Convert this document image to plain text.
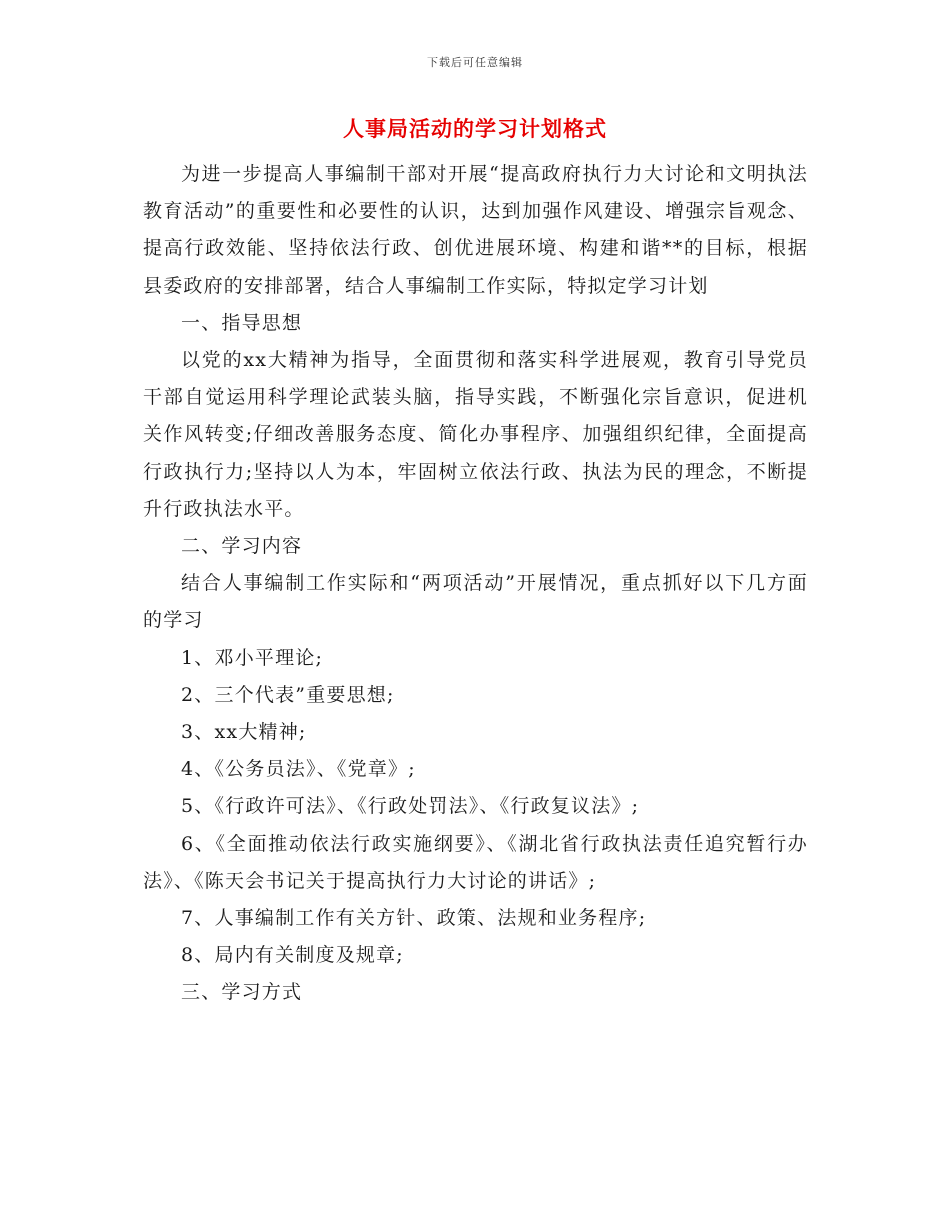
下载后可任意编辑
人事局活动的学习计划格式

为进一步提高人事编制干部对开展“提高政府执行力大讨论和文明执法教育活动”的重要性和必要性的认识，达到加强作风建设、增强宗旨观念、提高行政效能、坚持依法行政、创优进展环境、构建和谐**的目标，根据县委政府的安排部署，结合人事编制工作实际，特拟定学习计划

一、指导思想

以党的xx大精神为指导，全面贯彻和落实科学进展观，教育引导党员干部自觉运用科学理论武装头脑，指导实践，不断强化宗旨意识，促进机关作风转变;仔细改善服务态度、简化办事程序、加强组织纪律，全面提高行政执行力;坚持以人为本，牢固树立依法行政、执法为民的理念，不断提升行政执法水平。

二、学习内容

结合人事编制工作实际和“两项活动”开展情况，重点抓好以下几方面的学习

1、邓小平理论;

2、三个代表”重要思想;

3、xx大精神;

4、《公务员法》、《党章》;

5、《行政许可法》、《行政处罚法》、《行政复议法》;

6、《全面推动依法行政实施纲要》、《湖北省行政执法责任追究暂行办法》、《陈天会书记关于提高执行力大讨论的讲话》;

7、人事编制工作有关方针、政策、法规和业务程序;

8、局内有关制度及规章;

三、学习方式
